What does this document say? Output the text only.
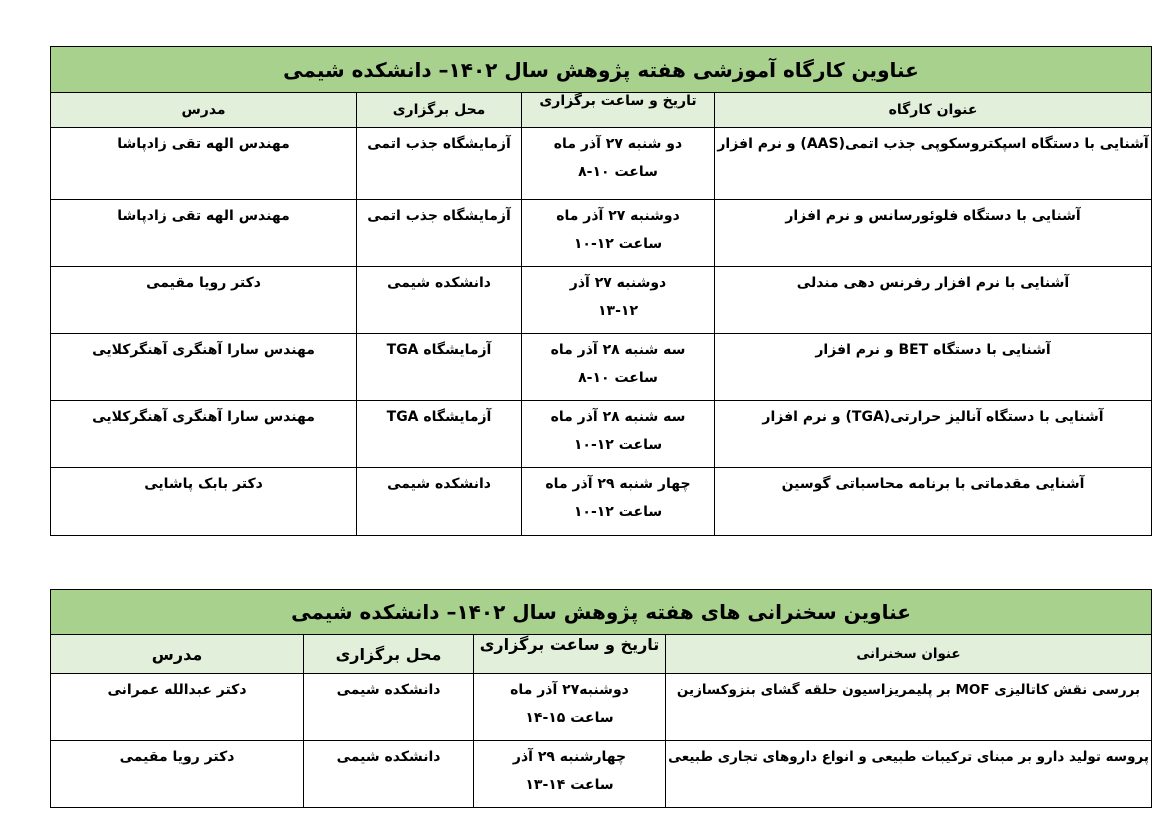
عناوین کارگاه آموزشی هفته پژوهش سال ۱۴۰۲– دانشکده شیمی
عنوان کارگاه
تاریخ و ساعت برگزاری
محل برگزاری
مدرس
آشنایی با دستگاه اسپکتروسکوپی جذب اتمی(AAS) و نرم افزار
دو شنبه ۲۷ آذر ماه
ساعت ۱۰-۸
آزمایشگاه جذب اتمی
مهندس الهه تقی زادپاشا
آشنایی با دستگاه فلوئورسانس و نرم افزار
دوشنبه ۲۷ آذر ماه
ساعت ۱۲-۱۰
آزمایشگاه جذب اتمی
مهندس الهه تقی زادپاشا
آشنایی با نرم افزار رفرنس دهی مندلی
دوشنبه ۲۷ آذر
۱۳-۱۲
دانشکده شیمی
دکتر رویا مقیمی
آشنایی با دستگاه BET و نرم افزار
سه شنبه ۲۸ آذر ماه
ساعت ۱۰-۸
آزمایشگاه TGA
مهندس سارا آهنگری آهنگرکلایی
آشنایی با دستگاه آنالیز حرارتی(TGA) و نرم افزار
سه شنبه ۲۸ آذر ماه
ساعت ۱۲-۱۰
آزمایشگاه TGA
مهندس سارا آهنگری آهنگرکلایی
آشنایی مقدماتی با برنامه محاسباتی گوسین
چهار شنبه ۲۹ آذر ماه
ساعت ۱۲-۱۰
دانشکده شیمی
دکتر بابک پاشایی
عناوین سخنرانی های هفته پژوهش سال ۱۴۰۲– دانشکده شیمی
عنوان سخنرانی
تاریخ و ساعت برگزاری
محل برگزاری
مدرس
بررسی نقش کاتالیزی MOF بر پلیمریزاسیون حلقه گشای بنزوکسازین
دوشنبه۲۷ آذر ماه
ساعت ۱۵-۱۴
دانشکده شیمی
دکتر عبدالله عمرانی
پروسه تولید دارو بر مبنای ترکیبات طبیعی و انواع داروهای تجاری طبیعی
چهارشنبه ۲۹ آذر
ساعت ۱۴-۱۳
دانشکده شیمی
دکتر رویا مقیمی
